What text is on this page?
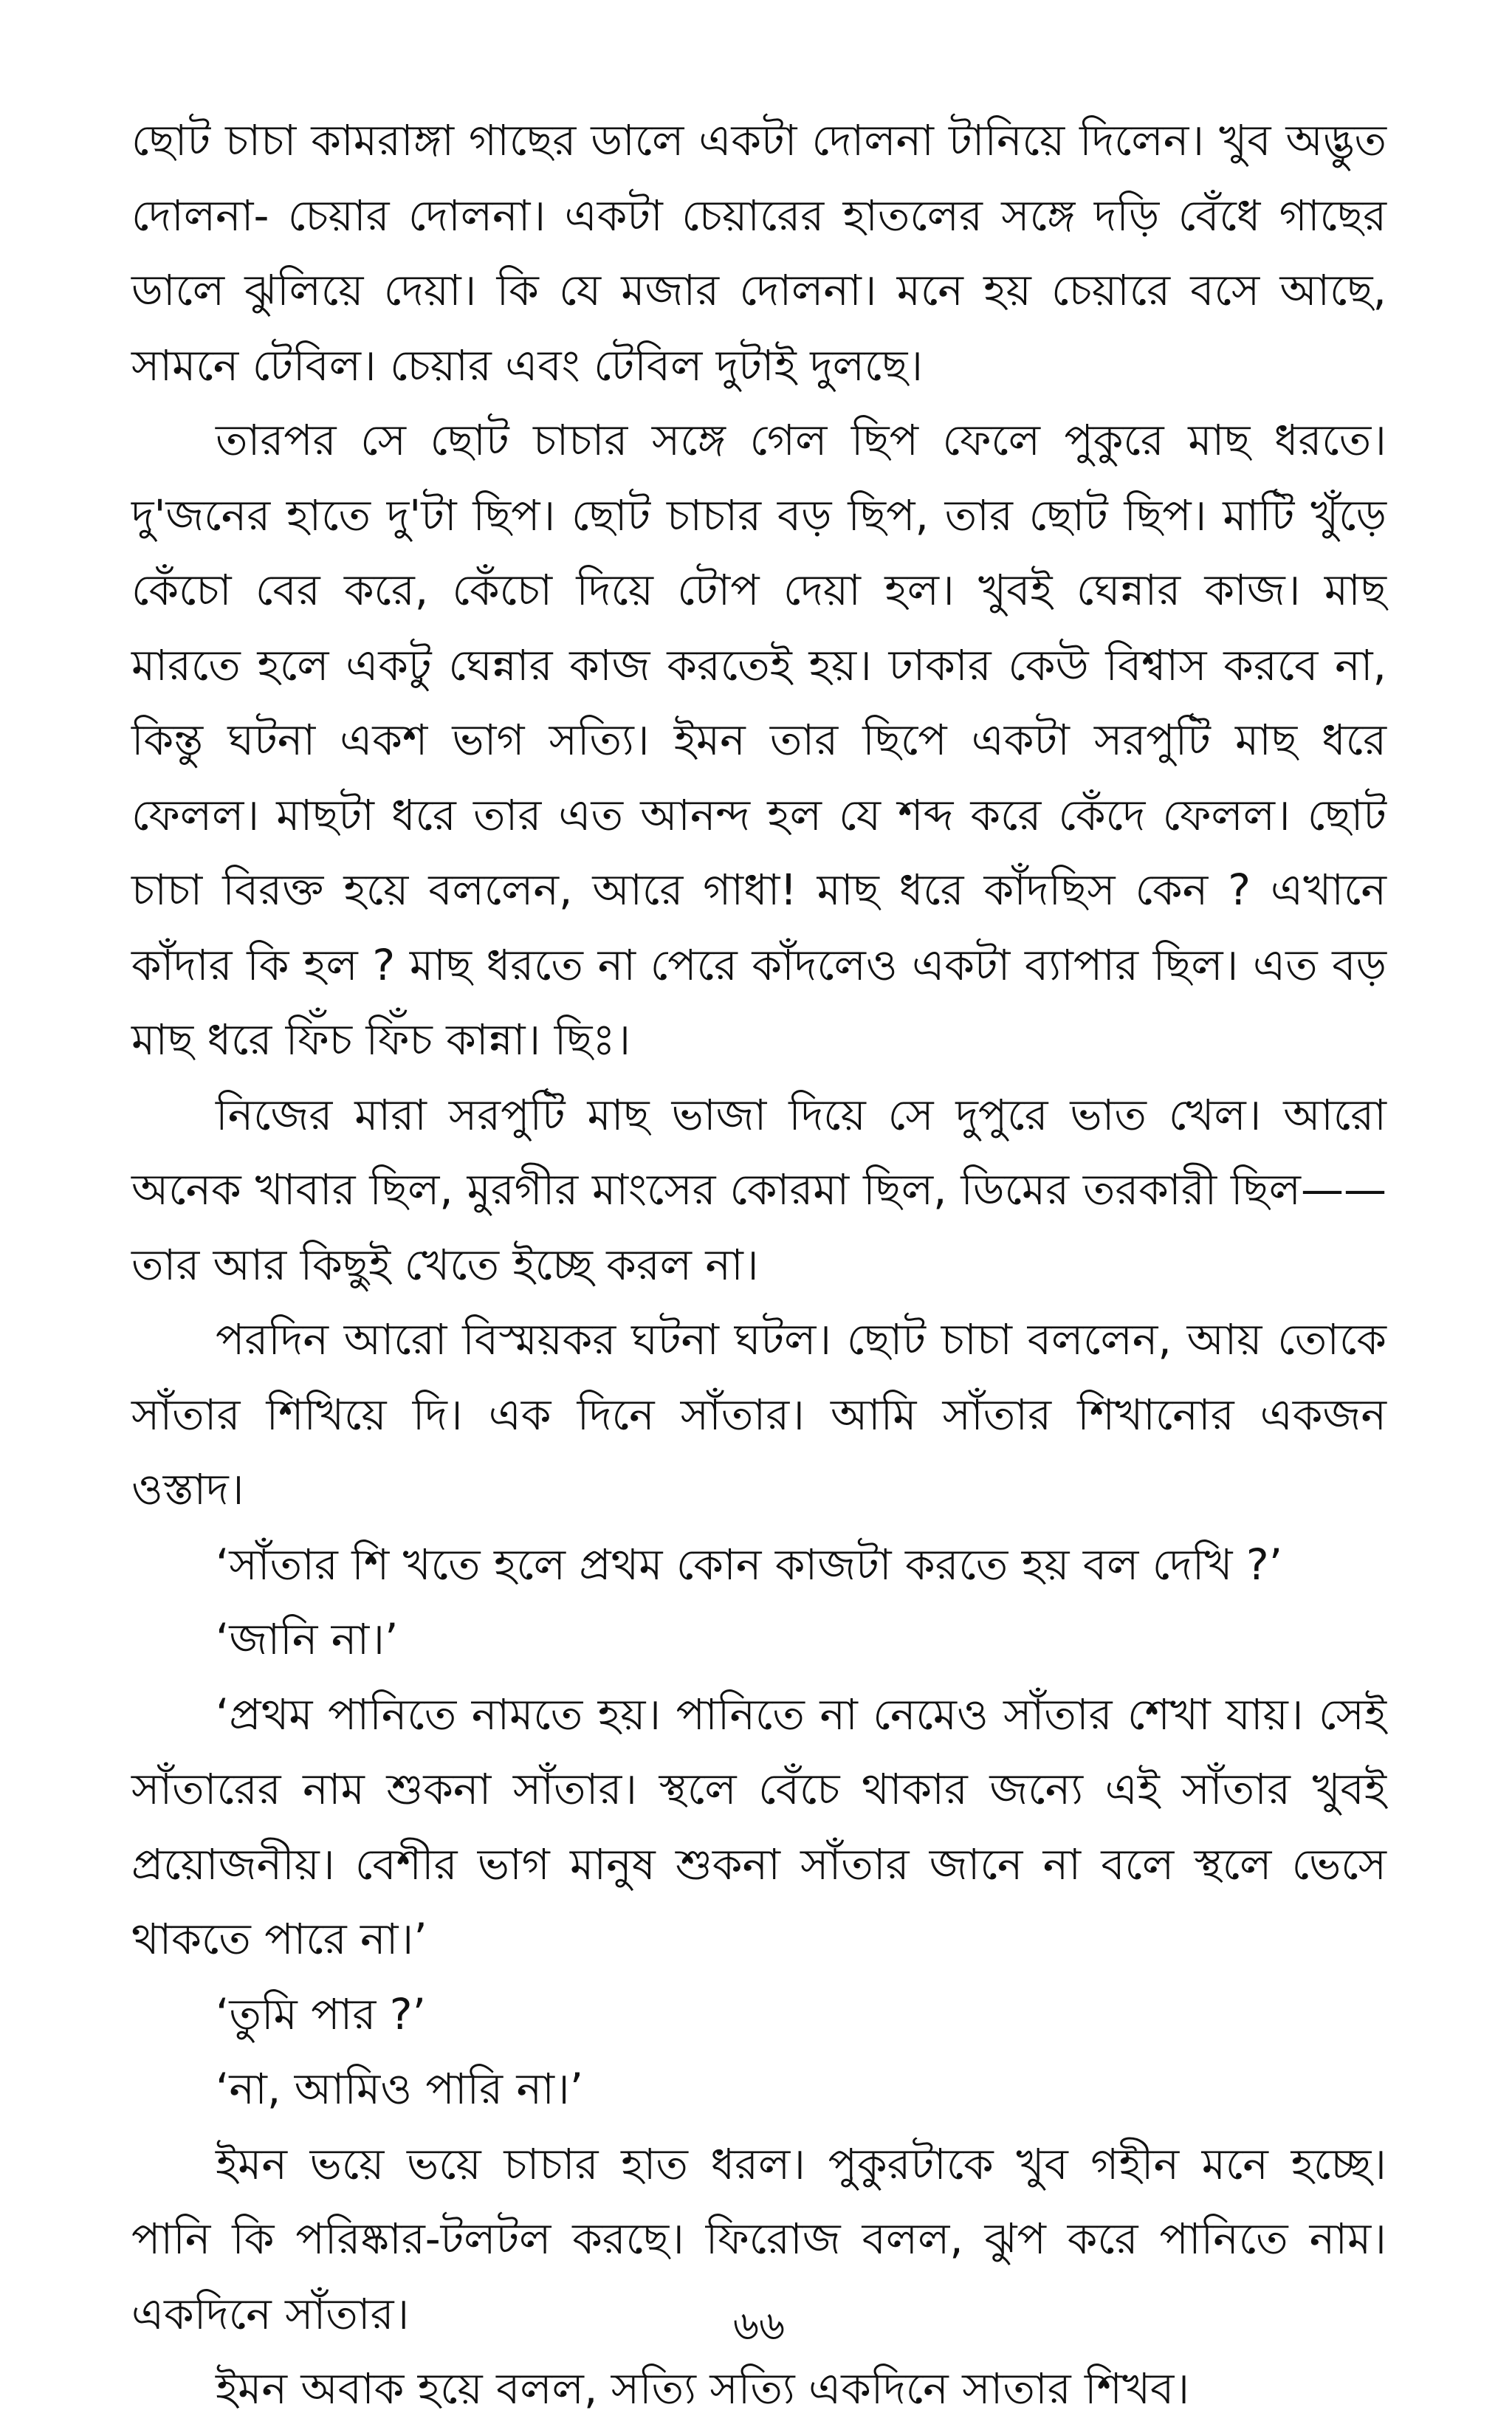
ছোট চাচা কামরাঙ্গা গাছের ডালে একটা দোলনা টানিয়ে দিলেন। খুব অদ্ভুত দোলনা- চেয়ার দোলনা। একটা চেয়ারের হাতলের সঙ্গে দড়ি বেঁধে গাছের ডালে ঝুলিয়ে দেয়া। কি যে মজার দোলনা। মনে হয় চেয়ারে বসে আছে, সামনে টেবিল। চেয়ার এবং টেবিল দুটাই দুলছে।

তারপর সে ছোট চাচার সঙ্গে গেল ছিপ ফেলে পুকুরে মাছ ধরতে। দু'জনের হাতে দু'টা ছিপ। ছোট চাচার বড় ছিপ, তার ছোট ছিপ। মাটি খুঁড়ে কেঁচো বের করে, কেঁচো দিয়ে টোপ দেয়া হল। খুবই ঘেন্নার কাজ। মাছ মারতে হলে একটু ঘেন্নার কাজ করতেই হয়। ঢাকার কেউ বিশ্বাস করবে না, কিন্তু ঘটনা একশ ভাগ সত্যি। ইমন তার ছিপে একটা সরপুটি মাছ ধরে ফেলল। মাছটা ধরে তার এত আনন্দ হল যে শব্দ করে কেঁদে ফেলল। ছোট চাচা বিরক্ত হয়ে বললেন, আরে গাধা! মাছ ধরে কাঁদছিস কেন ? এখানে কাঁদার কি হল ? মাছ ধরতে না পেরে কাঁদলেও একটা ব্যাপার ছিল। এত বড় মাছ ধরে ফিঁচ ফিঁচ কান্না। ছিঃ।

নিজের মারা সরপুটি মাছ ভাজা দিয়ে সে দুপুরে ভাত খেল। আরো অনেক খাবার ছিল, মুরগীর মাংসের কোরমা ছিল, ডিমের তরকারী ছিল——তার আর কিছুই খেতে ইচ্ছে করল না।

পরদিন আরো বিস্ময়কর ঘটনা ঘটল। ছোট চাচা বললেন, আয় তোকে সাঁতার শিখিয়ে দি। এক দিনে সাঁতার। আমি সাঁতার শিখানোর একজন ওস্তাদ।

‘সাঁতার শি খতে হলে প্রথম কোন কাজটা করতে হয় বল দেখি ?’

‘জানি না।’

‘প্রথম পানিতে নামতে হয়। পানিতে না নেমেও সাঁতার শেখা যায়। সেই সাঁতারের নাম শুকনা সাঁতার। স্থলে বেঁচে থাকার জন্যে এই সাঁতার খুবই প্রয়োজনীয়। বেশীর ভাগ মানুষ শুকনা সাঁতার জানে না বলে স্থলে ভেসে থাকতে পারে না।’

‘তুমি পার ?’

‘না, আমিও পারি না।’

ইমন ভয়ে ভয়ে চাচার হাত ধরল। পুকুরটাকে খুব গহীন মনে হচ্ছে। পানি কি পরিষ্কার-টলটল করছে। ফিরোজ বলল, ঝুপ করে পানিতে নাম। একদিনে সাঁতার।

ইমন অবাক হয়ে বলল, সত্যি সত্যি একদিনে সাতার শিখব।

৬৬
